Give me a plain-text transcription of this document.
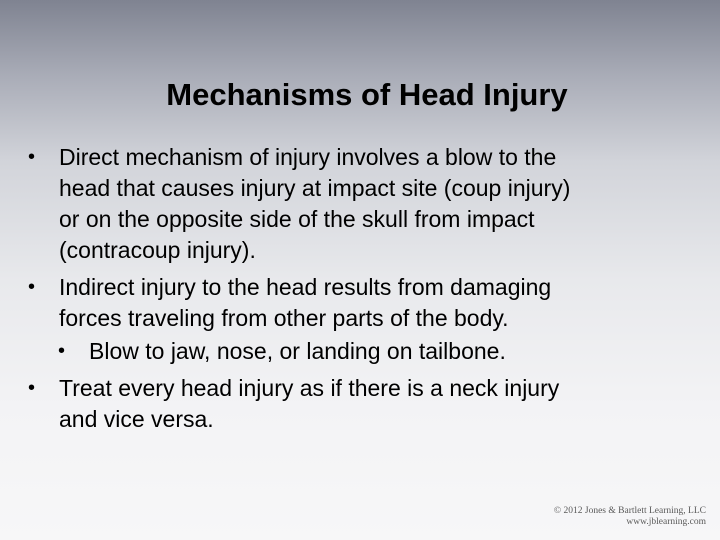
Mechanisms of Head Injury
• Direct mechanism of injury involves a blow to the
head that causes injury at impact site (coup injury)
or on the opposite side of the skull from impact
(contracoup injury).
• Indirect injury to the head results from damaging
forces traveling from other parts of the body.
• Blow to jaw, nose, or landing on tailbone.
• Treat every head injury as if there is a neck injury
and vice versa.
© 2012 Jones & Bartlett Learning, LLC
www.jblearning.com
